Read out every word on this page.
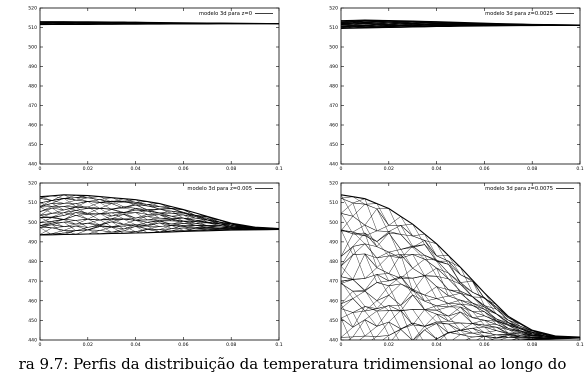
440
450
460
470
480
490
500
510
520
0	0.02	0.04	0.06	0.08	0.1
modelo 3d para z=0
440
450
460
470
480
490
500
510
520
0	0.02	0.04	0.06	0.08	0.1
modelo 3d para z=0.0025
440
450
460
470
480
490
500
510
520
0	0.02	0.04	0.06	0.08	0.1
modelo 3d para z=0.005
440
450
460
470
480
490
500
510
520
0	0.02	0.04	0.06	0.08	0.1
modelo 3d para z=0.0075
ra 9.7: Perfis da distribuição da temperatura tridimensional ao longo do
